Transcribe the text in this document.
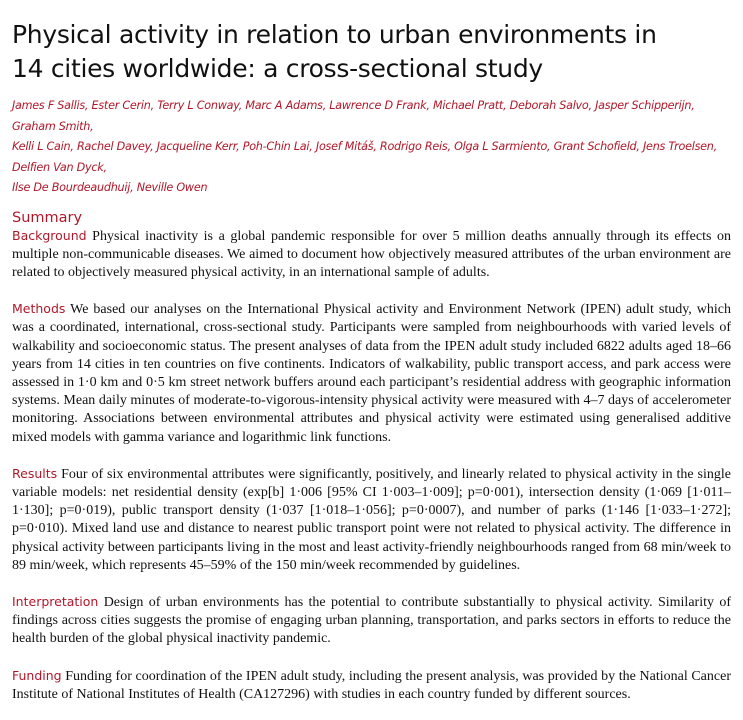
Physical activity in relation to urban environments in
14 cities worldwide: a cross-sectional study

James F Sallis, Ester Cerin, Terry L Conway, Marc A Adams, Lawrence D Frank, Michael Pratt, Deborah Salvo, Jasper Schipperijn, Graham Smith,
Kelli L Cain, Rachel Davey, Jacqueline Kerr, Poh-Chin Lai, Josef Mitáš, Rodrigo Reis, Olga L Sarmiento, Grant Schofield, Jens Troelsen, Delfien Van Dyck,
Ilse De Bourdeaudhuij, Neville Owen

Summary

Background Physical inactivity is a global pandemic responsible for over 5 million deaths annually through its effects on multiple non-communicable diseases. We aimed to document how objectively measured attributes of the urban environment are related to objectively measured physical activity, in an international sample of adults.

Methods We based our analyses on the International Physical activity and Environment Network (IPEN) adult study, which was a coordinated, international, cross-sectional study. Participants were sampled from neighbourhoods with varied levels of walkability and socioeconomic status. The present analyses of data from the IPEN adult study included 6822 adults aged 18–66 years from 14 cities in ten countries on five continents. Indicators of walkability, public transport access, and park access were assessed in 1·0 km and 0·5 km street network buffers around each participant’s residential address with geographic information systems. Mean daily minutes of moderate-to-vigorous-intensity physical activity were measured with 4–7 days of accelerometer monitoring. Associations between environmental attributes and physical activity were estimated using generalised additive mixed models with gamma variance and logarithmic link functions.

Results Four of six environmental attributes were significantly, positively, and linearly related to physical activity in the single variable models: net residential density (exp[b] 1·006 [95% CI 1·003–1·009]; p=0·001), intersection density (1·069 [1·011–1·130]; p=0·019), public transport density (1·037 [1·018–1·056]; p=0·0007), and number of parks (1·146 [1·033–1·272]; p=0·010). Mixed land use and distance to nearest public transport point were not related to physical activity. The difference in physical activity between participants living in the most and least activity-friendly neighbourhoods ranged from 68 min/week to 89 min/week, which represents 45–59% of the 150 min/week recommended by guidelines.

Interpretation Design of urban environments has the potential to contribute substantially to physical activity. Similarity of findings across cities suggests the promise of engaging urban planning, transportation, and parks sectors in efforts to reduce the health burden of the global physical inactivity pandemic.

Funding Funding for coordination of the IPEN adult study, including the present analysis, was provided by the National Cancer Institute of National Institutes of Health (CA127296) with studies in each country funded by different sources.
